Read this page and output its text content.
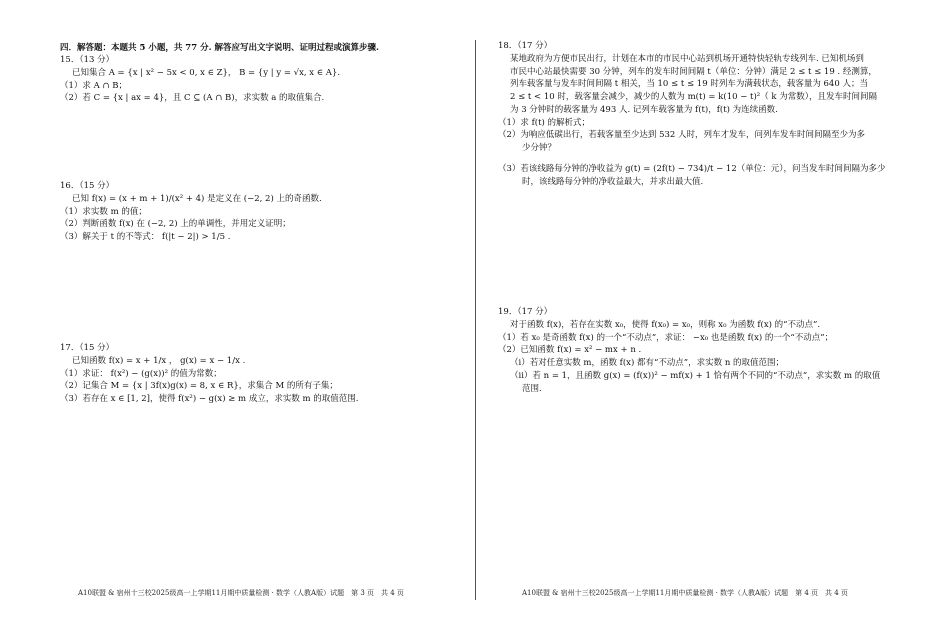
四．解答题：本题共 5 小题，共 77 分. 解答应写出文字说明、证明过程或演算步骤.
15．（13 分）
已知集合 A = {x | x² − 5x < 0, x ∈ Z}， B = {y | y = √x, x ∈ A}.
（1）求 A ∩ B；
（2）若 C = {x | ax = 4}，且 C ⊆ (A ∩ B)，求实数 a 的取值集合.
16．（15 分）
已知 f(x) = (x + m + 1)/(x² + 4) 是定义在 (−2, 2) 上的奇函数.
（1）求实数 m 的值；
（2）判断函数 f(x) 在 (−2, 2) 上的单调性，并用定义证明；
（3）解关于 t 的不等式： f(|t − 2|) > 1/5 .
17．（15 分）
已知函数 f(x) = x + 1/x ， g(x) = x − 1/x .
（1）求证： f(x²) − (g(x))² 的值为常数；
（2）记集合 M = {x | 3f(x)g(x) = 8, x ∈ R}，求集合 M 的所有子集；
（3）若存在 x ∈ [1, 2]，使得 f(x²) − g(x) ≥ m 成立，求实数 m 的取值范围.
A10联盟 & 宿州十三校2025级高一上学期11月期中质量检测 · 数学（人教A版）试题　第 3 页　共 4 页
18．（17 分）
某地政府为方便市民出行，计划在本市的市民中心站到机场开通特快轻轨专线列车. 已知机场到
市民中心站最快需要 30 分钟，列车的发车时间间隔 t（单位：分钟）满足 2 ≤ t ≤ 19 . 经测算，
列车载客量与发车时间间隔 t 相关，当 10 ≤ t ≤ 19 时列车为满载状态，载客量为 640 人；当
2 ≤ t < 10 时，载客量会减少，减少的人数为 m(t) = k(10 − t)²（ k 为常数），且发车时间间隔
为 3 分钟时的载客量为 493 人. 记列车载客量为 f(t)，f(t) 为连续函数.
（1）求 f(t) 的解析式；
（2）为响应低碳出行，若载客量至少达到 532 人时，列车才发车，问列车发车时间间隔至少为多
少分钟？
（3）若该线路每分钟的净收益为 g(t) = (2f(t) − 734)/t − 12（单位：元），问当发车时间间隔为多少
时，该线路每分钟的净收益最大，并求出最大值.
19．（17 分）
对于函数 f(x)，若存在实数 x₀，使得 f(x₀) = x₀，则称 x₀ 为函数 f(x) 的“不动点”.
（1）若 x₀ 是奇函数 f(x) 的一个“不动点”，求证： −x₀ 也是函数 f(x) 的一个“不动点”；
（2）已知函数 f(x) = x² − mx + n .
（i）若对任意实数 m，函数 f(x) 都有“不动点”，求实数 n 的取值范围；
（ii）若 n = 1，且函数 g(x) = (f(x))² − mf(x) + 1 恰有两个不同的“不动点”，求实数 m 的取值
范围.
A10联盟 & 宿州十三校2025级高一上学期11月期中质量检测 · 数学（人教A版）试题　第 4 页　共 4 页
